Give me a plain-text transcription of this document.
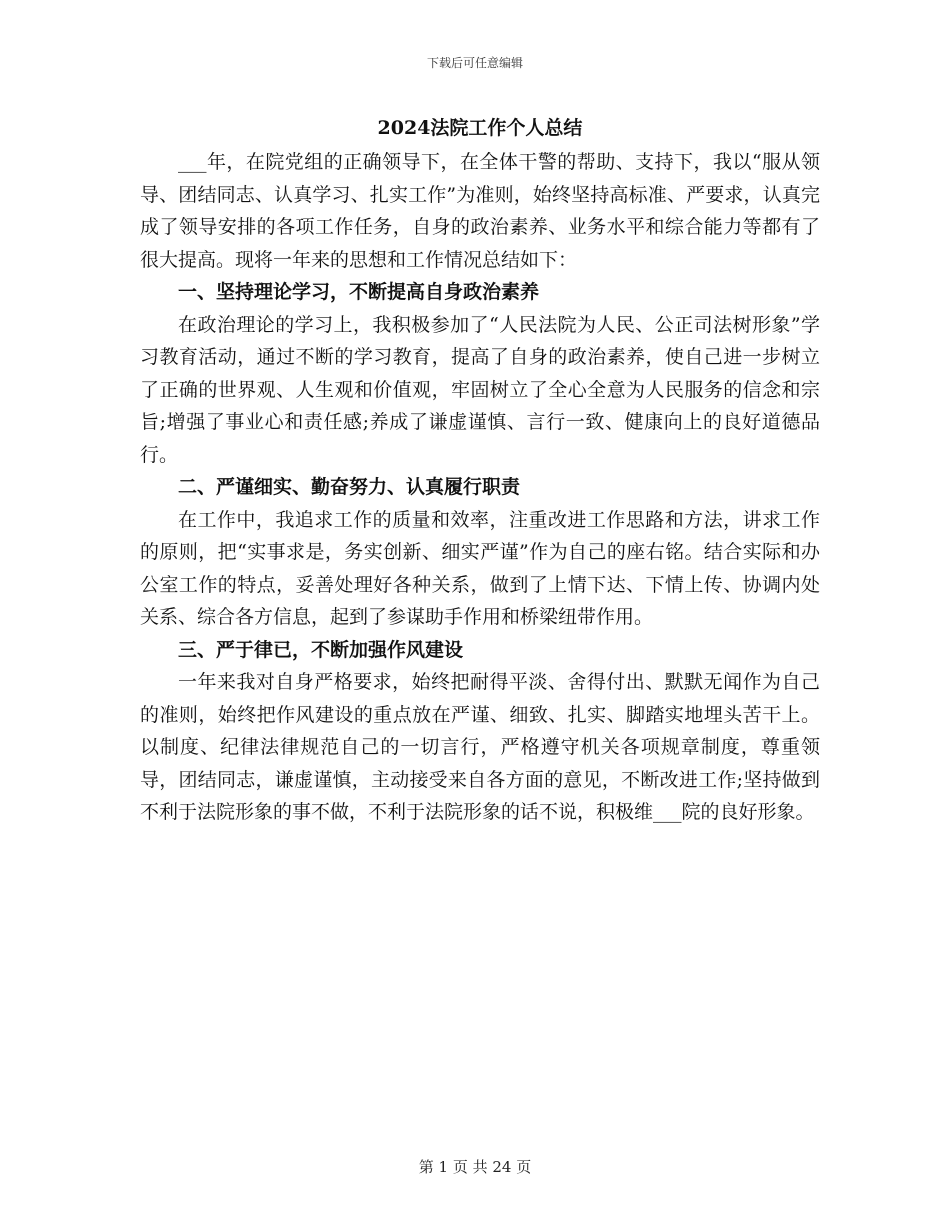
下载后可任意编辑
2024法院工作个人总结

___年，在院党组的正确领导下，在全体干警的帮助、支持下，我以“服从领导、团结同志、认真学习、扎实工作”为准则，始终坚持高标准、严要求，认真完成了领导安排的各项工作任务，自身的政治素养、业务水平和综合能力等都有了很大提高。现将一年来的思想和工作情况总结如下：

一、坚持理论学习，不断提高自身政治素养

在政治理论的学习上，我积极参加了“人民法院为人民、公正司法树形象”学习教育活动，通过不断的学习教育，提高了自身的政治素养，使自己进一步树立了正确的世界观、人生观和价值观，牢固树立了全心全意为人民服务的信念和宗旨;增强了事业心和责任感;养成了谦虚谨慎、言行一致、健康向上的良好道德品行。

二、严谨细实、勤奋努力、认真履行职责

在工作中，我追求工作的质量和效率，注重改进工作思路和方法，讲求工作的原则，把“实事求是，务实创新、细实严谨”作为自己的座右铭。结合实际和办公室工作的特点，妥善处理好各种关系，做到了上情下达、下情上传、协调内处关系、综合各方信息，起到了参谋助手作用和桥梁纽带作用。

三、严于律已，不断加强作风建设

一年来我对自身严格要求，始终把耐得平淡、舍得付出、默默无闻作为自己的准则，始终把作风建设的重点放在严谨、细致、扎实、脚踏实地埋头苦干上。以制度、纪律法律规范自己的一切言行，严格遵守机关各项规章制度，尊重领导，团结同志，谦虚谨慎，主动接受来自各方面的意见，不断改进工作;坚持做到不利于法院形象的事不做，不利于法院形象的话不说，积极维___院的良好形象。

第 1 页 共 24 页
